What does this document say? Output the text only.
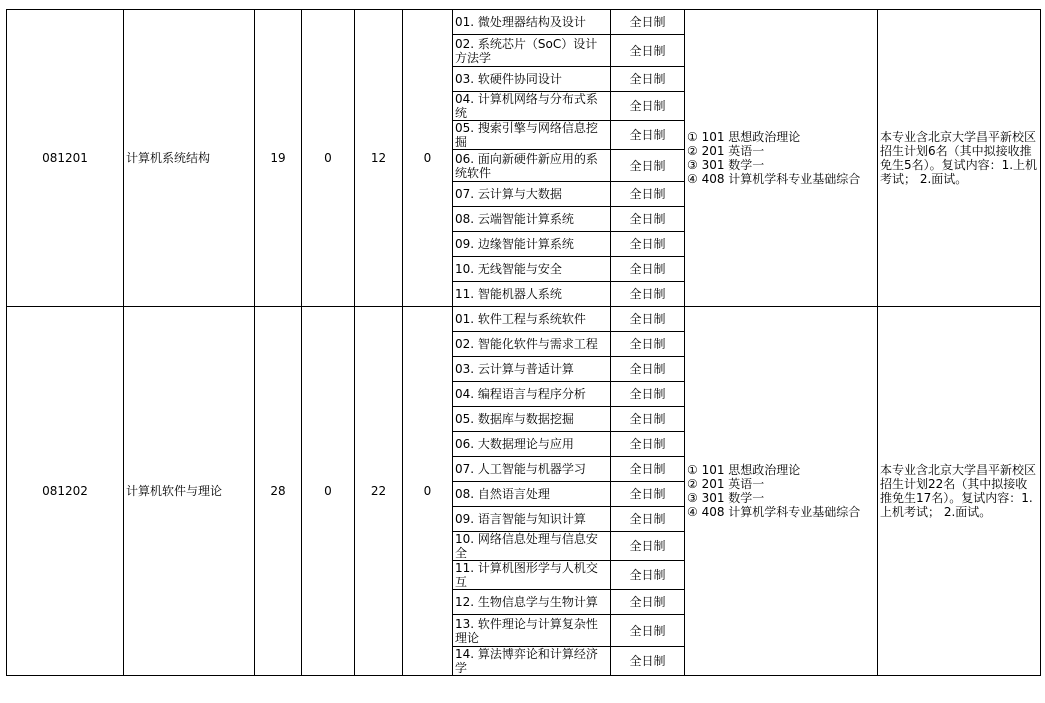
081201	计算机系统结构	19	0	12	0	01. 微处理器结构及设计	全日制	① 101 思想政治理论
② 201 英语一
③ 301 数学一
④ 408 计算机学科专业基础综合	本专业含北京大学昌平新校区招生计划6名（其中拟接收推免生5名）。复试内容：1.上机考试； 2.面试。
						02. 系统芯片（SoC）设计方法学	全日制		
						03. 软硬件协同设计	全日制		
						04. 计算机网络与分布式系统	全日制		
						05. 搜索引擎与网络信息挖掘	全日制		
						06. 面向新硬件新应用的系统软件	全日制		
						07. 云计算与大数据	全日制		
						08. 云端智能计算系统	全日制		
						09. 边缘智能计算系统	全日制		
						10. 无线智能与安全	全日制		
						11. 智能机器人系统	全日制		
081202	计算机软件与理论	28	0	22	0	01. 软件工程与系统软件	全日制	① 101 思想政治理论
② 201 英语一
③ 301 数学一
④ 408 计算机学科专业基础综合	本专业含北京大学昌平新校区招生计划22名（其中拟接收推免生17名）。复试内容：1.上机考试； 2.面试。
						02. 智能化软件与需求工程	全日制		
						03. 云计算与普适计算	全日制		
						04. 编程语言与程序分析	全日制		
						05. 数据库与数据挖掘	全日制		
						06. 大数据理论与应用	全日制		
						07. 人工智能与机器学习	全日制		
						08. 自然语言处理	全日制		
						09. 语言智能与知识计算	全日制		
						10. 网络信息处理与信息安全	全日制		
						11. 计算机图形学与人机交互	全日制		
						12. 生物信息学与生物计算	全日制		
						13. 软件理论与计算复杂性理论	全日制		
						14. 算法博弈论和计算经济学	全日制		
